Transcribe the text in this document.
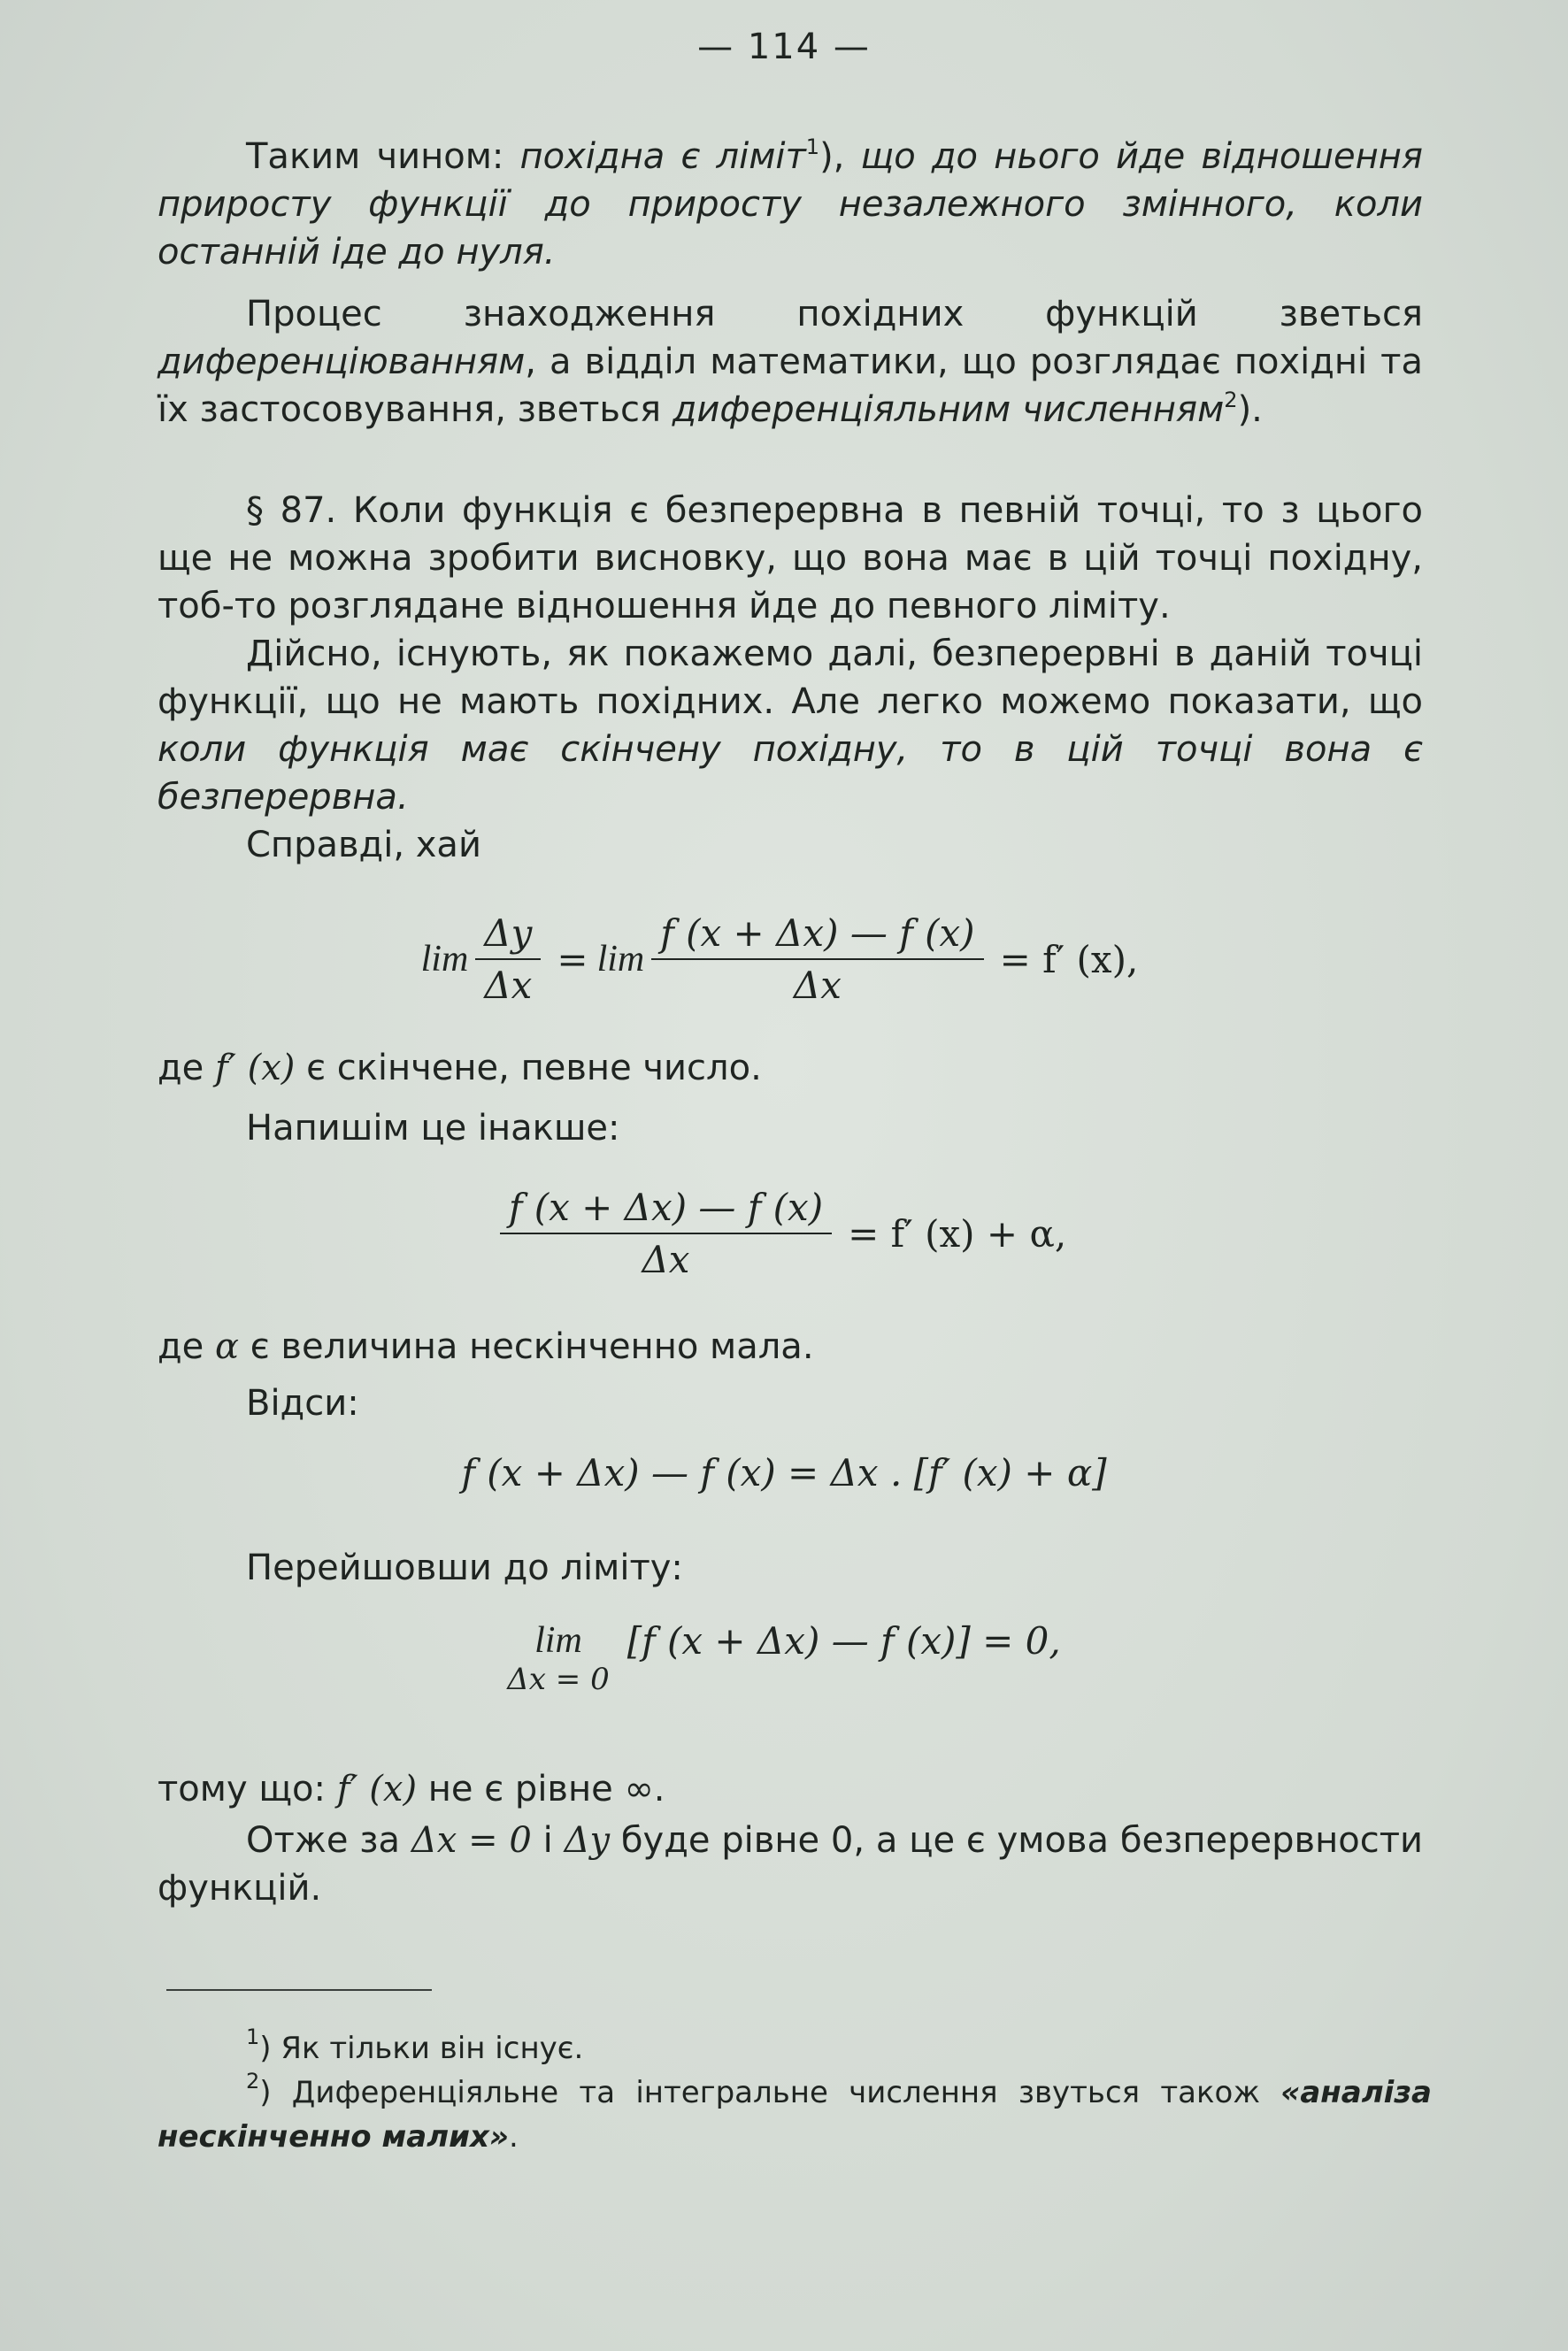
— 114 —

Таким чином: похідна є ліміт$^1$), що до нього йде відношення приросту функції до приросту незалежного змінного, коли останній іде до нуля.

Процес знаходження похідних функцій зветься диференціюванням, а відділ математики, що розглядає похідні та їх застосовування, зветься диференціяльним численням$^2$).

§ 87. Коли функція є безперервна в певній точці, то з цього ще не можна зробити висновку, що вона має в цій точці похідну, тоб-то розглядане відношення йде до певного ліміту.

Дійсно, існують, як покажемо далі, безперервні в даній точці функції, що не мають похідних. Але легко можемо показати, що коли функція має скінчену похідну, то в цій точці вона є безперервна.

Справді, хай

$\lim \frac{\Delta y}{\Delta x} = \lim \frac{f (x + \Delta x) — f (x)}{\Delta x} = f'$ (x),

де f′ (x) є скінчене, певне число.

Напишім це інакше:

$\frac{f (x + \Delta x) — f (x)}{\Delta x} = f'$ (x) + α,

де α є величина нескінченно мала.

Відси:

f (x + Δx) — f (x) = Δx . [f′ (x) + α]

Перейшовши до ліміту:

lim
Δx = 0
[f (x + Δx) — f (x)] = 0,

тому що: f′ (x) не є рівне ∞.

Отже за Δx = 0 і Δy буде рівне 0, а це є умова безперервности функцій.

$^1$) Як тільки він існує.

$^2$) Диференціяльне та інтегральне числення звуться також «аналіза нескінченно малих».
